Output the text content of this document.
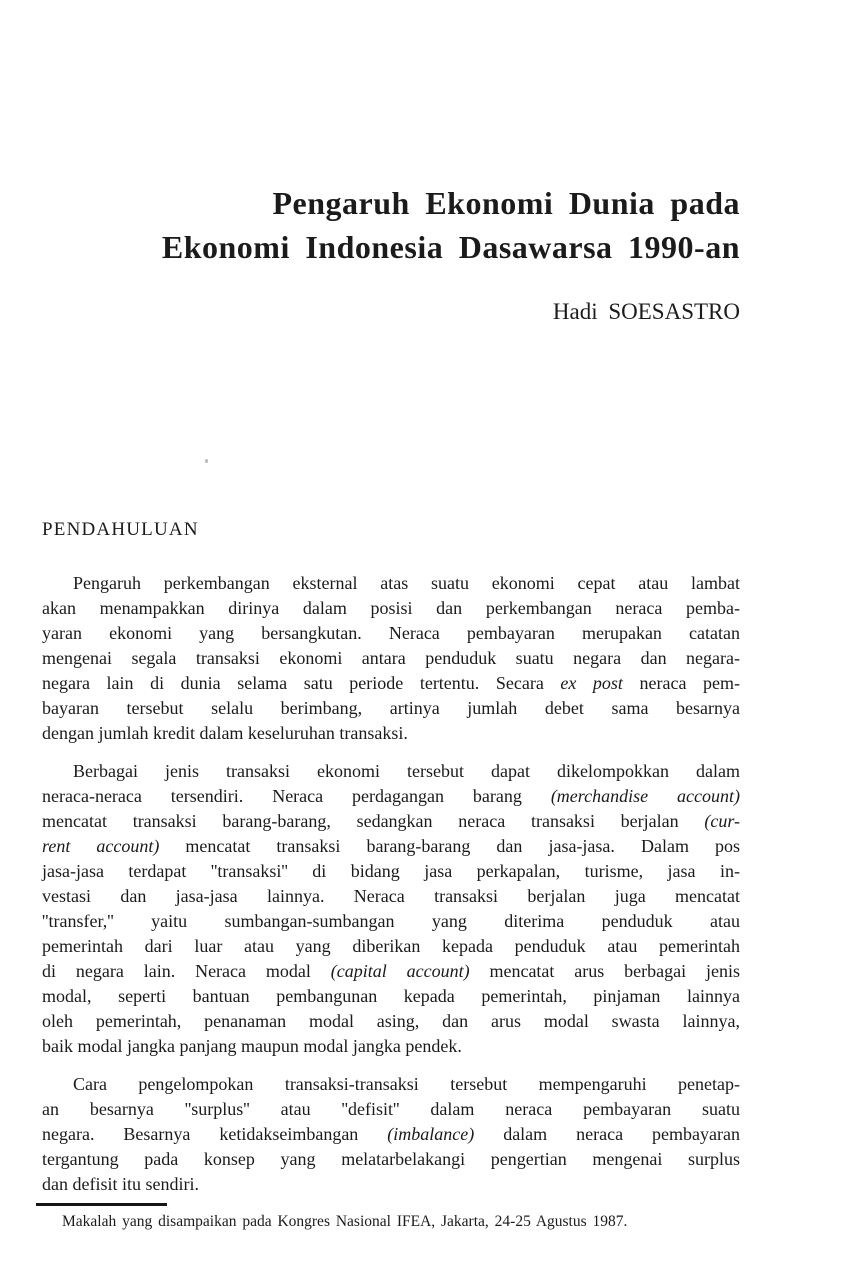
Pengaruh Ekonomi Dunia pada
Ekonomi Indonesia Dasawarsa 1990-an
Hadi SOESASTRO
PENDAHULUAN
Pengaruh perkembangan eksternal atas suatu ekonomi cepat atau lambat
akan menampakkan dirinya dalam posisi dan perkembangan neraca pemba-
yaran ekonomi yang bersangkutan. Neraca pembayaran merupakan catatan
mengenai segala transaksi ekonomi antara penduduk suatu negara dan negara-
negara lain di dunia selama satu periode tertentu. Secara ex post neraca pem-
bayaran tersebut selalu berimbang, artinya jumlah debet sama besarnya
dengan jumlah kredit dalam keseluruhan transaksi.
Berbagai jenis transaksi ekonomi tersebut dapat dikelompokkan dalam
neraca-neraca tersendiri. Neraca perdagangan barang (merchandise account)
mencatat transaksi barang-barang, sedangkan neraca transaksi berjalan (cur-
rent account) mencatat transaksi barang-barang dan jasa-jasa. Dalam pos
jasa-jasa terdapat ''transaksi'' di bidang jasa perkapalan, turisme, jasa in-
vestasi dan jasa-jasa lainnya. Neraca transaksi berjalan juga mencatat
''transfer,'' yaitu sumbangan-sumbangan yang diterima penduduk atau
pemerintah dari luar atau yang diberikan kepada penduduk atau pemerintah
di negara lain. Neraca modal (capital account) mencatat arus berbagai jenis
modal, seperti bantuan pembangunan kepada pemerintah, pinjaman lainnya
oleh pemerintah, penanaman modal asing, dan arus modal swasta lainnya,
baik modal jangka panjang maupun modal jangka pendek.
Cara pengelompokan transaksi-transaksi tersebut mempengaruhi penetap-
an besarnya ''surplus'' atau ''defisit'' dalam neraca pembayaran suatu
negara. Besarnya ketidakseimbangan (imbalance) dalam neraca pembayaran
tergantung pada konsep yang melatarbelakangi pengertian mengenai surplus
dan defisit itu sendiri.
Makalah yang disampaikan pada Kongres Nasional IFEA, Jakarta, 24-25 Agustus 1987.
